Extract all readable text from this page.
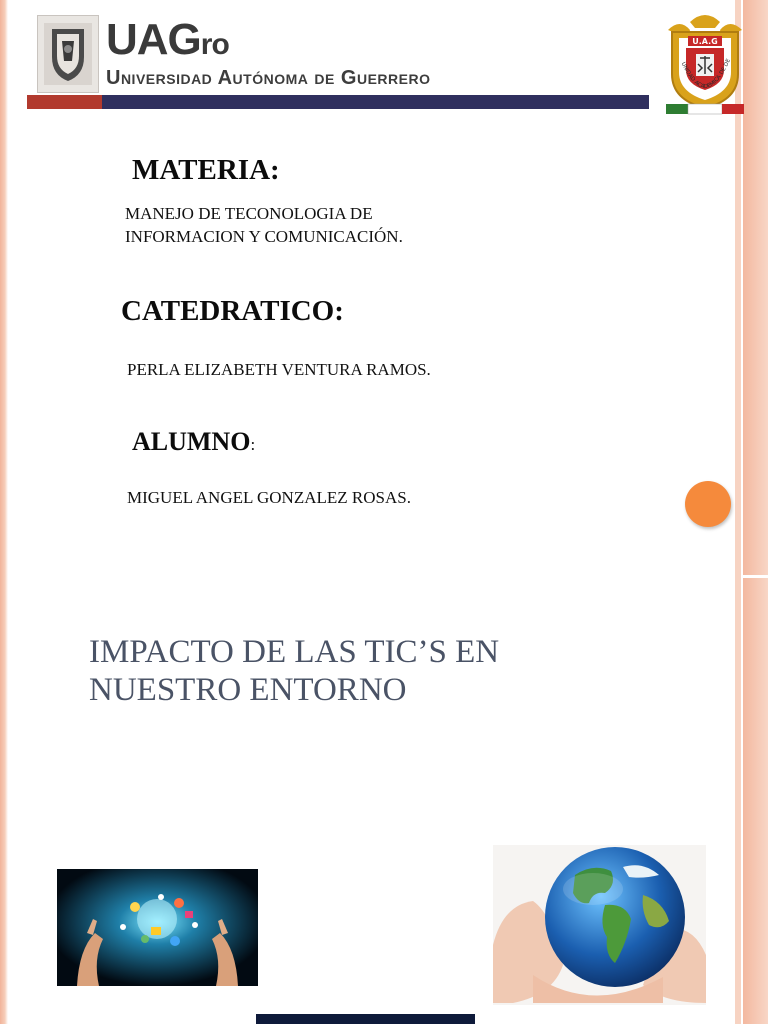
UAGro
Universidad Autónoma de Guerrero
U.A.G
UNIDAD ACADEMICA DE DE
MATERIA:
MANEJO DE TECONOLOGIA DE
INFORMACION Y COMUNICACIÓN.
CATEDRATICO:
PERLA ELIZABETH VENTURA RAMOS.
ALUMNO:
MIGUEL ANGEL GONZALEZ ROSAS.
IMPACTO DE LAS TIC’S EN
NUESTRO ENTORNO
